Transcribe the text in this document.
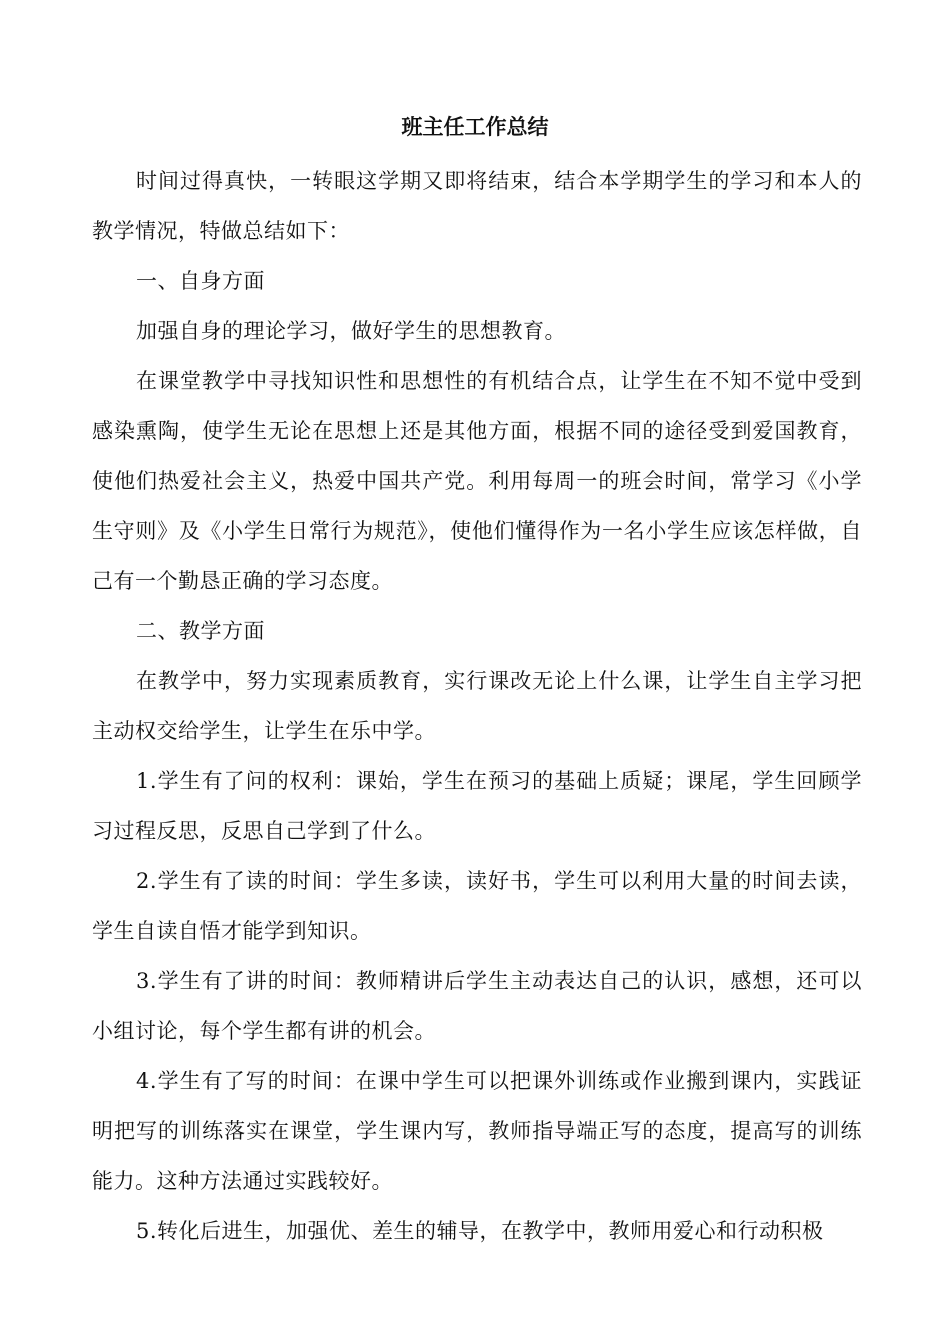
班主任工作总结

时间过得真快，一转眼这学期又即将结束，结合本学期学生的学习和本人的教学情况，特做总结如下：

一、自身方面

加强自身的理论学习，做好学生的思想教育。

在课堂教学中寻找知识性和思想性的有机结合点，让学生在不知不觉中受到感染熏陶，使学生无论在思想上还是其他方面，根据不同的途径受到爱国教育，使他们热爱社会主义，热爱中国共产党。利用每周一的班会时间，常学习《小学生守则》及《小学生日常行为规范》，使他们懂得作为一名小学生应该怎样做，自己有一个勤恳正确的学习态度。

二、教学方面

在教学中，努力实现素质教育，实行课改无论上什么课，让学生自主学习把主动权交给学生，让学生在乐中学。

1.学生有了问的权利：课始，学生在预习的基础上质疑；课尾，学生回顾学习过程反思，反思自己学到了什么。

2.学生有了读的时间：学生多读，读好书，学生可以利用大量的时间去读，学生自读自悟才能学到知识。

3.学生有了讲的时间：教师精讲后学生主动表达自己的认识，感想，还可以小组讨论，每个学生都有讲的机会。

4.学生有了写的时间：在课中学生可以把课外训练或作业搬到课内，实践证明把写的训练落实在课堂，学生课内写，教师指导端正写的态度，提高写的训练能力。这种方法通过实践较好。

5.转化后进生，加强优、差生的辅导，在教学中，教师用爱心和行动积极
